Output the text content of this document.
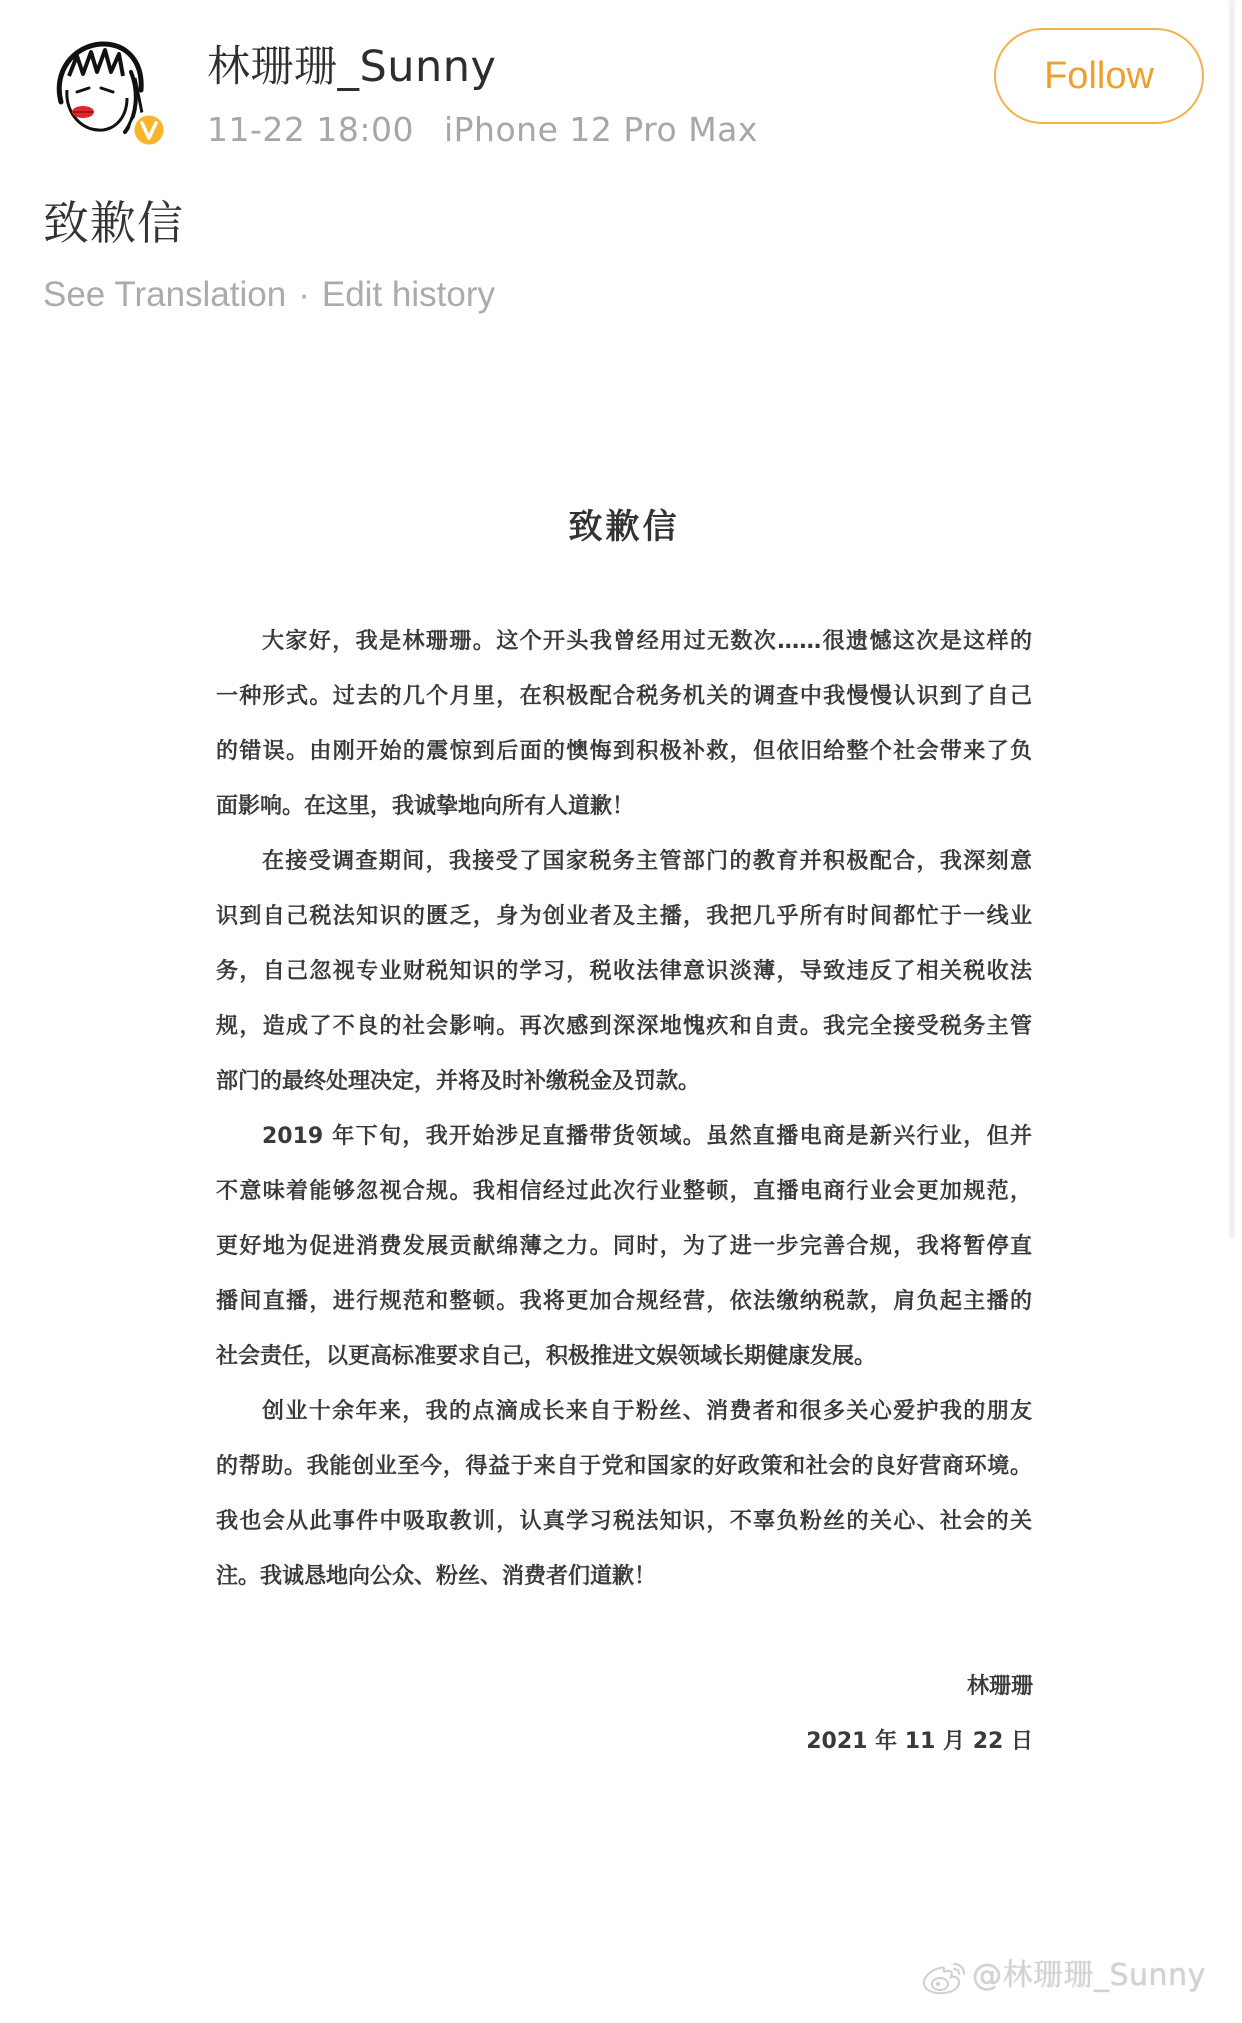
林珊珊_Sunny
11-22 18:00 iPhone 12 Pro Max
Follow
致歉信
See Translation · Edit history
致歉信
大家好，我是林珊珊。这个开头我曾经用过无数次……很遗憾这次是这样的
一种形式。过去的几个月里，在积极配合税务机关的调查中我慢慢认识到了自己
的错误。由刚开始的震惊到后面的懊悔到积极补救，但依旧给整个社会带来了负
面影响。在这里，我诚挚地向所有人道歉！
在接受调查期间，我接受了国家税务主管部门的教育并积极配合，我深刻意
识到自己税法知识的匮乏，身为创业者及主播，我把几乎所有时间都忙于一线业
务，自己忽视专业财税知识的学习，税收法律意识淡薄，导致违反了相关税收法
规，造成了不良的社会影响。再次感到深深地愧疚和自责。我完全接受税务主管
部门的最终处理决定，并将及时补缴税金及罚款。
2019 年下旬，我开始涉足直播带货领域。虽然直播电商是新兴行业，但并
不意味着能够忽视合规。我相信经过此次行业整顿，直播电商行业会更加规范，
更好地为促进消费发展贡献绵薄之力。同时，为了进一步完善合规，我将暂停直
播间直播，进行规范和整顿。我将更加合规经营，依法缴纳税款，肩负起主播的
社会责任，以更高标准要求自己，积极推进文娱领域长期健康发展。
创业十余年来，我的点滴成长来自于粉丝、消费者和很多关心爱护我的朋友
的帮助。我能创业至今，得益于来自于党和国家的好政策和社会的良好营商环境。
我也会从此事件中吸取教训，认真学习税法知识，不辜负粉丝的关心、社会的关
注。我诚恳地向公众、粉丝、消费者们道歉！
林珊珊
2021 年 11 月 22 日
@林珊珊_Sunny
